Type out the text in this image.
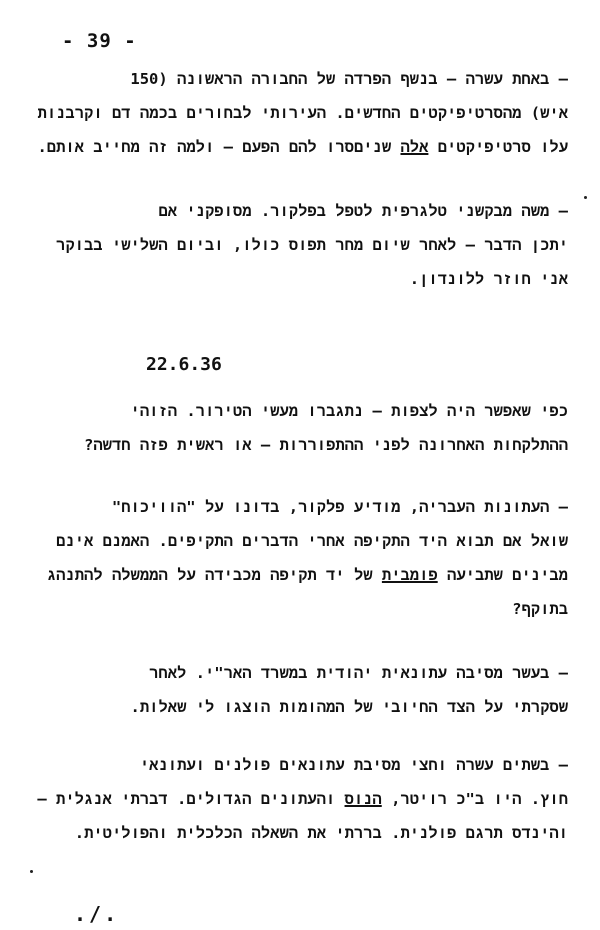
- 39 -
– באחת עשרה – בנשף הפרדה של החבורה הראשונה (150
איש) מהסרטיפיקטים החדשים. העירותי לבחורים בכמה דם וקרבנות
עלו סרטיפיקטים אלה שניםסרו להם הפעם – ולמה זה מחייב אותם.
– משה מבקשני טלגרפית לטפל בפלקור. מסופקני אם
יתכן הדבר – לאחר שיום מחר תפוס כולו, וביום השלישי בבוקר
אני חוזר ללונדון.
22.6.36
כפי שאפשר היה לצפות – נתגברו מעשי הטירור. הזוהי
ההתלקחות האחרונה לפני ההתפוררות – או ראשית פזה חדשה?
– העתונות העבריה, מודיע פלקור, בדונו על "הוויכוח"
שואל אם תבוא היד התקיפה אחרי הדברים התקיפים. האמנם אינם
מבינים שתביעה פומבית של יד תקיפה מכבידה על הממשלה להתנהג
בתוקף?
– בעשר מסיבה עתונאית יהודית במשרד האר"י. לאחר
שסקרתי על הצד החיובי של המהומות הוצגו לי שאלות.
– בשתים עשרה וחצי מסיבת עתונאים פולנים ועתונאי
חוץ. היו ב"כ רויטר, הנוס והעתונים הגדולים. דברתי אנגלית –
והינדס תרגם פולנית. בררתי את השאלה הכלכלית והפוליטית.
./.
